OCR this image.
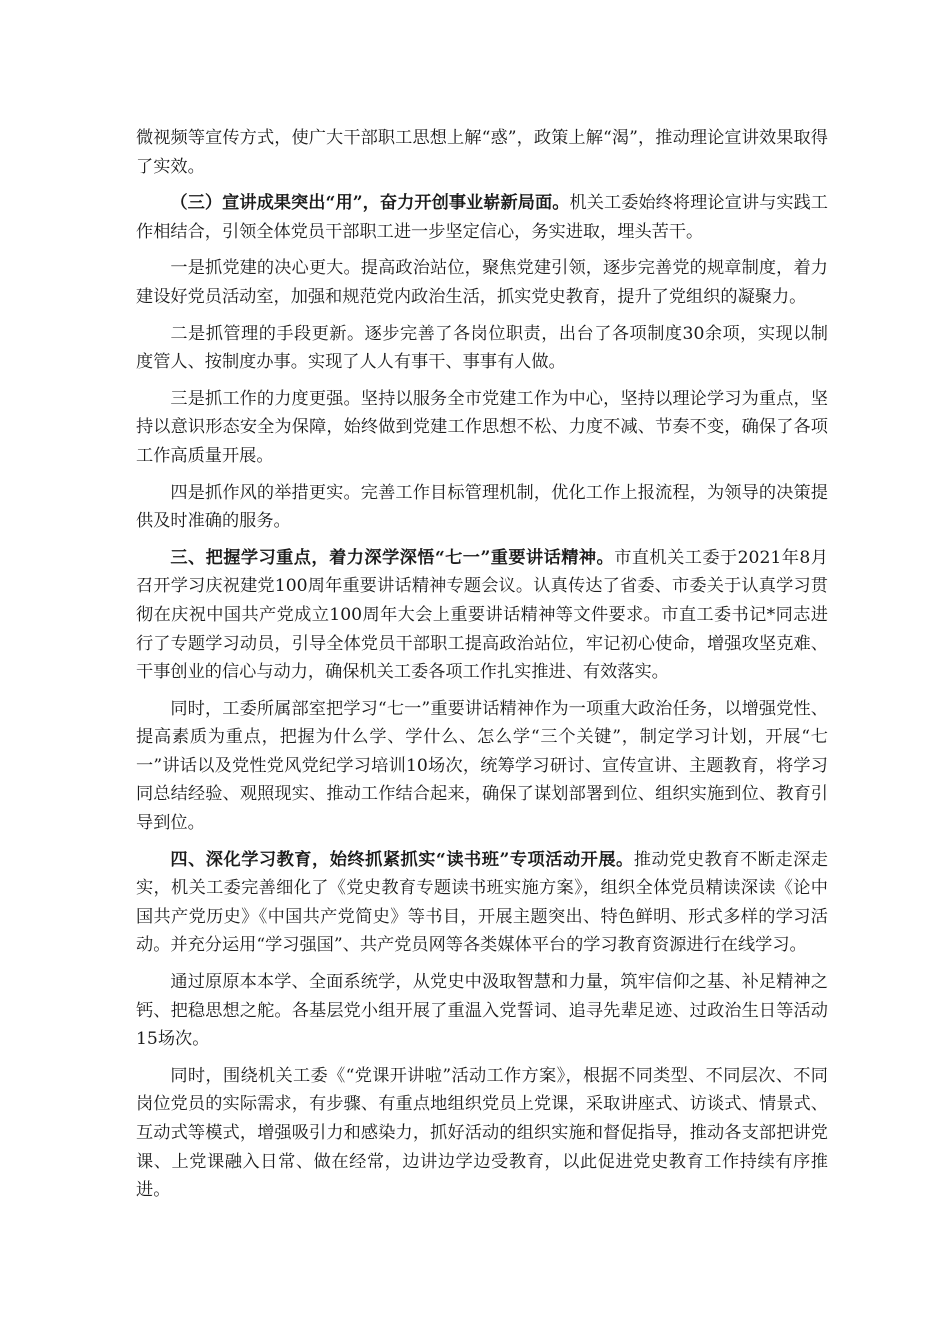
微视频等宣传方式，使广大干部职工思想上解“惑”，政策上解“渴”，推动理论宣讲效果取得了实效。

（三）宣讲成果突出“用”，奋力开创事业崭新局面。机关工委始终将理论宣讲与实践工作相结合，引领全体党员干部职工进一步坚定信心，务实进取，埋头苦干。

一是抓党建的决心更大。提高政治站位，聚焦党建引领，逐步完善党的规章制度，着力建设好党员活动室，加强和规范党内政治生活，抓实党史教育，提升了党组织的凝聚力。

二是抓管理的手段更新。逐步完善了各岗位职责，出台了各项制度30余项，实现以制度管人、按制度办事。实现了人人有事干、事事有人做。

三是抓工作的力度更强。坚持以服务全市党建工作为中心，坚持以理论学习为重点，坚持以意识形态安全为保障，始终做到党建工作思想不松、力度不减、节奏不变，确保了各项工作高质量开展。

四是抓作风的举措更实。完善工作目标管理机制，优化工作上报流程，为领导的决策提供及时准确的服务。

三、把握学习重点，着力深学深悟“七一”重要讲话精神。市直机关工委于2021年8月召开学习庆祝建党100周年重要讲话精神专题会议。认真传达了省委、市委关于认真学习贯彻在庆祝中国共产党成立100周年大会上重要讲话精神等文件要求。市直工委书记*同志进行了专题学习动员，引导全体党员干部职工提高政治站位，牢记初心使命，增强攻坚克难、干事创业的信心与动力，确保机关工委各项工作扎实推进、有效落实。

同时，工委所属部室把学习“七一”重要讲话精神作为一项重大政治任务，以增强党性、提高素质为重点，把握为什么学、学什么、怎么学“三个关键”，制定学习计划，开展“七一”讲话以及党性党风党纪学习培训10场次，统筹学习研讨、宣传宣讲、主题教育，将学习同总结经验、观照现实、推动工作结合起来，确保了谋划部署到位、组织实施到位、教育引导到位。

四、深化学习教育，始终抓紧抓实“读书班”专项活动开展。推动党史教育不断走深走实，机关工委完善细化了《党史教育专题读书班实施方案》，组织全体党员精读深读《论中国共产党历史》《中国共产党简史》等书目，开展主题突出、特色鲜明、形式多样的学习活动。并充分运用“学习强国”、共产党员网等各类媒体平台的学习教育资源进行在线学习。

通过原原本本学、全面系统学，从党史中汲取智慧和力量，筑牢信仰之基、补足精神之钙、把稳思想之舵。各基层党小组开展了重温入党誓词、追寻先辈足迹、过政治生日等活动15场次。

同时，围绕机关工委《“党课开讲啦”活动工作方案》，根据不同类型、不同层次、不同岗位党员的实际需求，有步骤、有重点地组织党员上党课，采取讲座式、访谈式、情景式、互动式等模式，增强吸引力和感染力，抓好活动的组织实施和督促指导，推动各支部把讲党课、上党课融入日常、做在经常，边讲边学边受教育，以此促进党史教育工作持续有序推进。
